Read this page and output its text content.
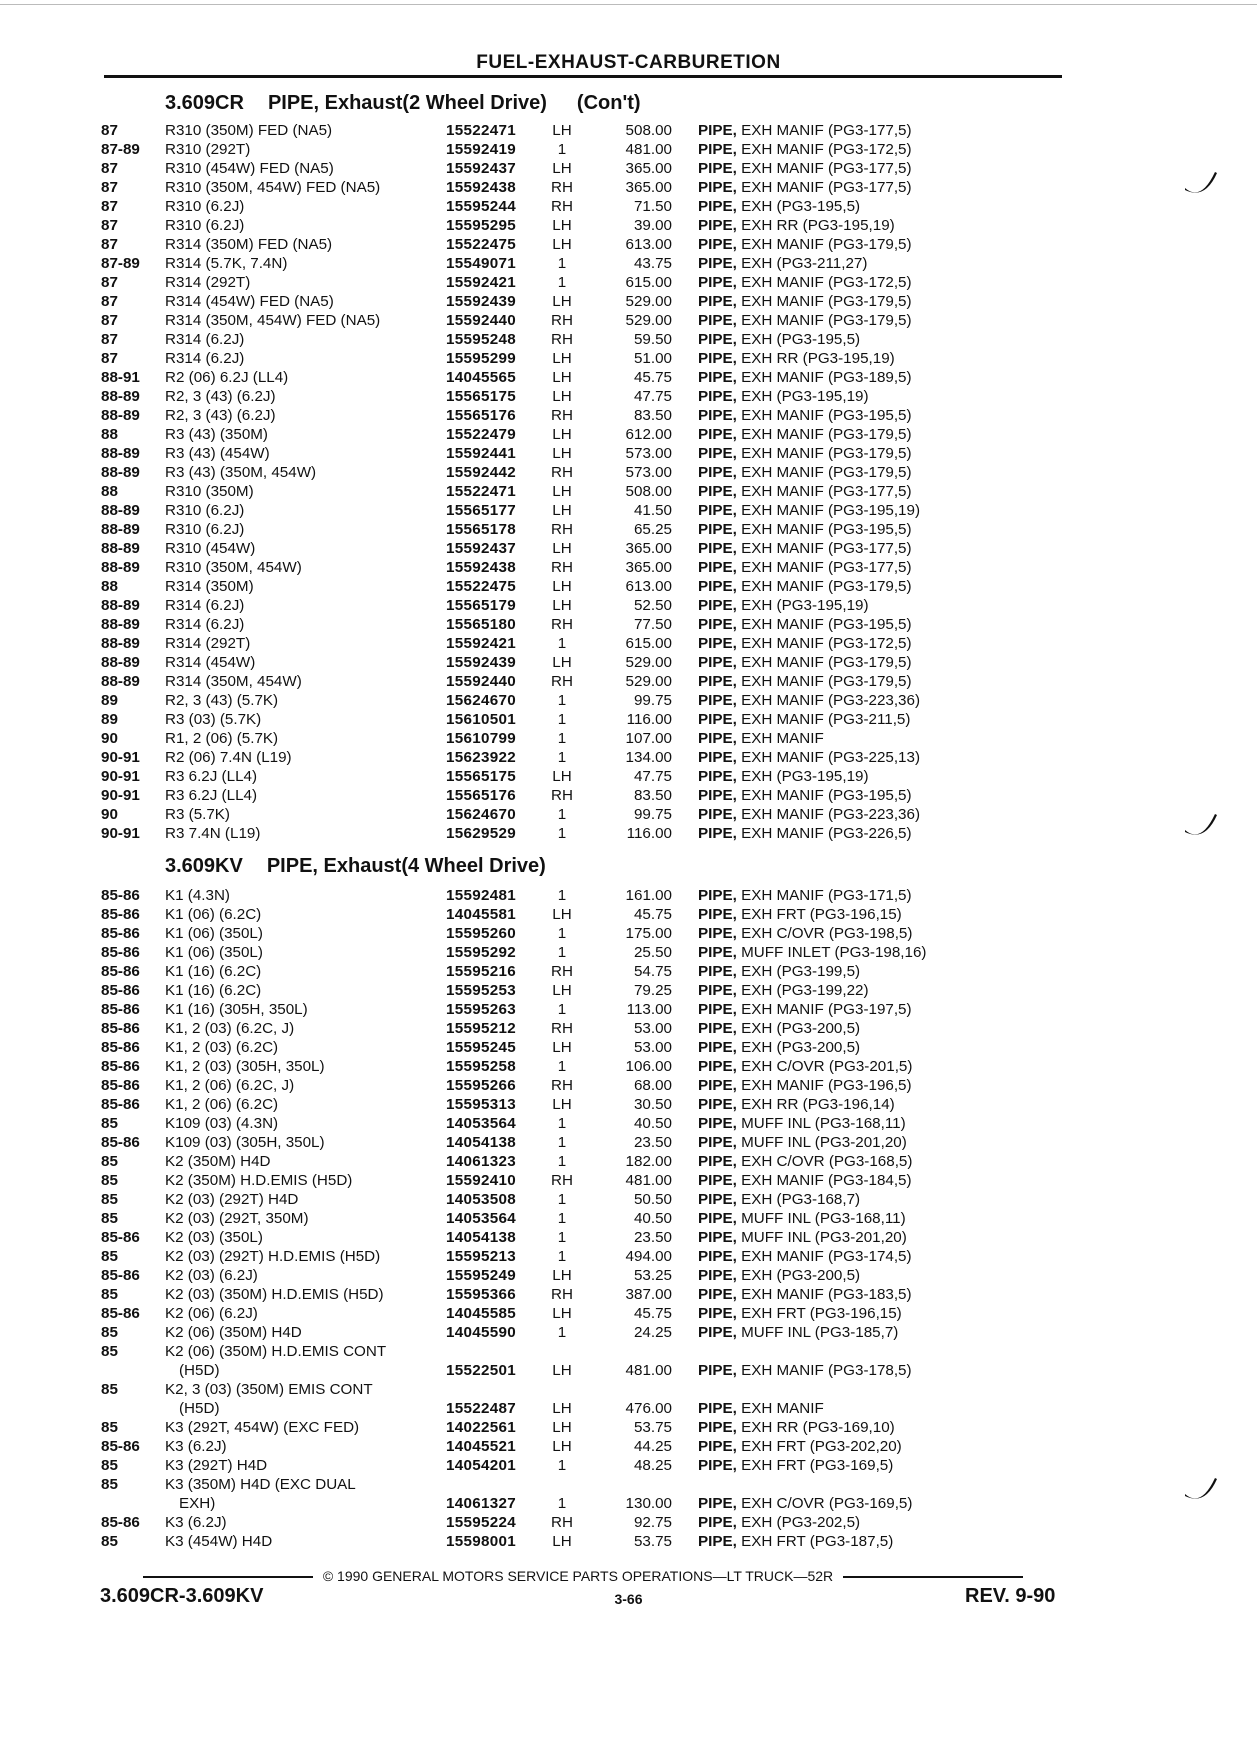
FUEL-EXHAUST-CARBURETION
3.609CR PIPE, Exhaust(2 Wheel Drive) (Con't)
87	R310 (350M) FED (NA5)	15522471 LH	508.00 PIPE, EXH MANIF (PG3-177,5)
87-89 R310 (292T)	15592419	1	481.00 PIPE, EXH MANIF (PG3-172,5)
87	R310 (454W) FED (NA5)	15592437 LH	365.00 PIPE, EXH MANIF (PG3-177,5)
87	R310 (350M, 454W) FED (NA5)	15592438 RH	365.00 PIPE, EXH MANIF (PG3-177,5)
87	R310 (6.2J)	15595244 RH	71.50 PIPE, EXH (PG3-195,5)
87	R310 (6.2J)	15595295 LH	39.00 PIPE, EXH RR (PG3-195,19)
87	R314 (350M) FED (NA5)	15522475 LH	613.00 PIPE, EXH MANIF (PG3-179,5)
87-89 R314 (5.7K, 7.4N)	15549071	1	43.75 PIPE, EXH (PG3-211,27)
87	R314 (292T)	15592421	1	615.00 PIPE, EXH MANIF (PG3-172,5)
87	R314 (454W) FED (NA5)	15592439 LH	529.00 PIPE, EXH MANIF (PG3-179,5)
87	R314 (350M, 454W) FED (NA5)	15592440 RH	529.00 PIPE, EXH MANIF (PG3-179,5)
87	R314 (6.2J)	15595248 RH	59.50 PIPE, EXH (PG3-195,5)
87	R314 (6.2J)	15595299 LH	51.00 PIPE, EXH RR (PG3-195,19)
88-91 R2 (06) 6.2J (LL4)	14045565 LH	45.75 PIPE, EXH MANIF (PG3-189,5)
88-89 R2, 3 (43) (6.2J)	15565175 LH	47.75 PIPE, EXH (PG3-195,19)
88-89 R2, 3 (43) (6.2J)	15565176 RH	83.50 PIPE, EXH MANIF (PG3-195,5)
88	R3 (43) (350M)	15522479 LH	612.00 PIPE, EXH MANIF (PG3-179,5)
88-89 R3 (43) (454W)	15592441 LH	573.00 PIPE, EXH MANIF (PG3-179,5)
88-89 R3 (43) (350M, 454W)	15592442 RH	573.00 PIPE, EXH MANIF (PG3-179,5)
88	R310 (350M)	15522471 LH	508.00 PIPE, EXH MANIF (PG3-177,5)
88-89 R310 (6.2J)	15565177 LH	41.50 PIPE, EXH MANIF (PG3-195,19)
88-89 R310 (6.2J)	15565178 RH	65.25 PIPE, EXH MANIF (PG3-195,5)
88-89 R310 (454W)	15592437 LH	365.00 PIPE, EXH MANIF (PG3-177,5)
88-89 R310 (350M, 454W)	15592438 RH	365.00 PIPE, EXH MANIF (PG3-177,5)
88	R314 (350M)	15522475 LH	613.00 PIPE, EXH MANIF (PG3-179,5)
88-89 R314 (6.2J)	15565179 LH	52.50 PIPE, EXH (PG3-195,19)
88-89 R314 (6.2J)	15565180 RH	77.50 PIPE, EXH MANIF (PG3-195,5)
88-89 R314 (292T)	15592421	1	615.00 PIPE, EXH MANIF (PG3-172,5)
88-89 R314 (454W)	15592439 LH	529.00 PIPE, EXH MANIF (PG3-179,5)
88-89 R314 (350M, 454W)	15592440 RH	529.00 PIPE, EXH MANIF (PG3-179,5)
89	R2, 3 (43) (5.7K)	15624670	1	99.75 PIPE, EXH MANIF (PG3-223,36)
89	R3 (03) (5.7K)	15610501	1	116.00 PIPE, EXH MANIF (PG3-211,5)
90	R1, 2 (06) (5.7K)	15610799	1	107.00 PIPE, EXH MANIF
90-91 R2 (06) 7.4N (L19)	15623922	1	134.00 PIPE, EXH MANIF (PG3-225,13)
90-91 R3 6.2J (LL4)	15565175 LH	47.75 PIPE, EXH (PG3-195,19)
90-91 R3 6.2J (LL4)	15565176 RH	83.50 PIPE, EXH MANIF (PG3-195,5)
90	R3 (5.7K)	15624670	1	99.75 PIPE, EXH MANIF (PG3-223,36)
90-91 R3 7.4N (L19)	15629529	1	116.00 PIPE, EXH MANIF (PG3-226,5)
3.609KV PIPE, Exhaust(4 Wheel Drive)
85-86 K1 (4.3N)	15592481	1	161.00 PIPE, EXH MANIF (PG3-171,5)
85-86 K1 (06) (6.2C)	14045581 LH	45.75 PIPE, EXH FRT (PG3-196,15)
85-86 K1 (06) (350L)	15595260	1	175.00 PIPE, EXH C/OVR (PG3-198,5)
85-86 K1 (06) (350L)	15595292	1	25.50 PIPE, MUFF INLET (PG3-198,16)
85-86 K1 (16) (6.2C)	15595216 RH	54.75 PIPE, EXH (PG3-199,5)
85-86 K1 (16) (6.2C)	15595253 LH	79.25 PIPE, EXH (PG3-199,22)
85-86 K1 (16) (305H, 350L)	15595263	1	113.00 PIPE, EXH MANIF (PG3-197,5)
85-86 K1, 2 (03) (6.2C, J)	15595212 RH	53.00 PIPE, EXH (PG3-200,5)
85-86 K1, 2 (03) (6.2C)	15595245 LH	53.00 PIPE, EXH (PG3-200,5)
85-86 K1, 2 (03) (305H, 350L)	15595258	1	106.00 PIPE, EXH C/OVR (PG3-201,5)
85-86 K1, 2 (06) (6.2C, J)	15595266 RH	68.00 PIPE, EXH MANIF (PG3-196,5)
85-86 K1, 2 (06) (6.2C)	15595313 LH	30.50 PIPE, EXH RR (PG3-196,14)
85	K109 (03) (4.3N)	14053564	1	40.50 PIPE, MUFF INL (PG3-168,11)
85-86 K109 (03) (305H, 350L)	14054138	1	23.50 PIPE, MUFF INL (PG3-201,20)
85	K2 (350M) H4D	14061323	1	182.00 PIPE, EXH C/OVR (PG3-168,5)
85	K2 (350M) H.D.EMIS (H5D)	15592410 RH	481.00 PIPE, EXH MANIF (PG3-184,5)
85	K2 (03) (292T) H4D	14053508	1	50.50 PIPE, EXH (PG3-168,7)
85	K2 (03) (292T, 350M)	14053564	1	40.50 PIPE, MUFF INL (PG3-168,11)
85-86 K2 (03) (350L)	14054138	1	23.50 PIPE, MUFF INL (PG3-201,20)
85	K2 (03) (292T) H.D.EMIS (H5D)	15595213	1	494.00 PIPE, EXH MANIF (PG3-174,5)
85-86 K2 (03) (6.2J)	15595249 LH	53.25 PIPE, EXH (PG3-200,5)
85	K2 (03) (350M) H.D.EMIS (H5D)	15595366 RH	387.00 PIPE, EXH MANIF (PG3-183,5)
85-86 K2 (06) (6.2J)	14045585 LH	45.75 PIPE, EXH FRT (PG3-196,15)
85	K2 (06) (350M) H4D	14045590	1	24.25 PIPE, MUFF INL (PG3-185,7)
85	K2 (06) (350M) H.D.EMIS CONT
(H5D)	15522501 LH	481.00 PIPE, EXH MANIF (PG3-178,5)
85	K2, 3 (03) (350M) EMIS CONT
(H5D)	15522487 LH	476.00 PIPE, EXH MANIF
85	K3 (292T, 454W) (EXC FED)	14022561 LH	53.75 PIPE, EXH RR (PG3-169,10)
85-86 K3 (6.2J)	14045521 LH	44.25 PIPE, EXH FRT (PG3-202,20)
85	K3 (292T) H4D	14054201	1	48.25 PIPE, EXH FRT (PG3-169,5)
85	K3 (350M) H4D (EXC DUAL
EXH)	14061327	1	130.00 PIPE, EXH C/OVR (PG3-169,5)
85-86 K3 (6.2J)	15595224 RH	92.75 PIPE, EXH (PG3-202,5)
85	K3 (454W) H4D	15598001 LH	53.75 PIPE, EXH FRT (PG3-187,5)
© 1990 GENERAL MOTORS SERVICE PARTS OPERATIONS—LT TRUCK—52R
3.609CR-3.609KV	3-66	REV. 9-90
